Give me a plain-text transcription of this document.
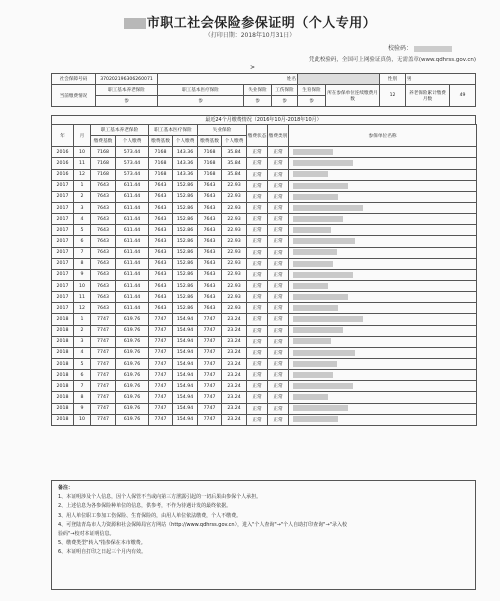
市职工社会保险参保证明（个人专用）
（打印日期：2018年10月31日）
校验码：
凭此校验码，全国可上网验证真伪，无需盖章(www.qdhrss.gov.cn)
>
社会保障号码	370202196306260071	姓名					性别	男	
当前缴费情况	职工基本养老保险	职工基本医疗保险	失业保险	工伤保险	生育保险	所在参保单位连续缴费月数	12	养老保险累计缴费月数	49
	参	参	参	参	参				
最近24个月缴费情况（2016年10月-2018年10月）
年	月	职工基本养老保险		职工基本医疗保险		失业保险		缴费状态	缴费类别	参保单位名称
		缴费基数	个人缴费	缴费基数	个人缴费	缴费基数	个人缴费			
2016	10	7168	573.44	7168	143.36	7168	35.84	正常	正常	
2016	11	7168	573.44	7168	143.36	7168	35.84	正常	正常	
2016	12	7168	573.44	7168	143.36	7168	35.84	正常	正常	
2017	1	7643	611.44	7643	152.86	7643	22.93	正常	正常	
2017	2	7643	611.44	7643	152.86	7643	22.93	正常	正常	
2017	3	7643	611.44	7643	152.86	7643	22.93	正常	正常	
2017	4	7643	611.44	7643	152.86	7643	22.93	正常	正常	
2017	5	7643	611.44	7643	152.86	7643	22.93	正常	正常	
2017	6	7643	611.44	7643	152.86	7643	22.93	正常	正常	
2017	7	7643	611.44	7643	152.86	7643	22.93	正常	正常	
2017	8	7643	611.44	7643	152.86	7643	22.93	正常	正常	
2017	9	7643	611.44	7643	152.86	7643	22.93	正常	正常	
2017	10	7643	611.44	7643	152.86	7643	22.93	正常	正常	
2017	11	7643	611.44	7643	152.86	7643	22.93	正常	正常	
2017	12	7643	611.44	7643	152.86	7643	22.93	正常	正常	
2018	1	7747	619.76	7747	154.94	7747	23.24	正常	正常	
2018	2	7747	619.76	7747	154.94	7747	23.24	正常	正常	
2018	3	7747	619.76	7747	154.94	7747	23.24	正常	正常	
2018	4	7747	619.76	7747	154.94	7747	23.24	正常	正常	
2018	5	7747	619.76	7747	154.94	7747	23.24	正常	正常	
2018	6	7747	619.76	7747	154.94	7747	23.24	正常	正常	
2018	7	7747	619.76	7747	154.94	7747	23.24	正常	正常	
2018	8	7747	619.76	7747	154.94	7747	23.24	正常	正常	
2018	9	7747	619.76	7747	154.94	7747	23.24	正常	正常	
2018	10	7747	619.76	7747	154.94	7747	23.24	正常	正常	
备注：
1、本证明涉及个人信息，因个人保管不当或向第三方泄露引起的一切后果由参保个人承担。
2、上述信息为各参保险种单位的信息，供参考，不作为待遇计发的最终依据。
3、用人单位职工参加工伤保险、生育保险的，由用人单位依法缴费，个人不缴费。
4、可登陆青岛市人力资源和社会保障局官方网站（http://www.qdhrss.gov.cn），进入"个人查询"→"个人自助打印查询"→"录入校
验码"→校对本证明信息。
5、缴费类型"转入"指参保在本市缴费。
6、本证明自打印之日起三个月内有效。
